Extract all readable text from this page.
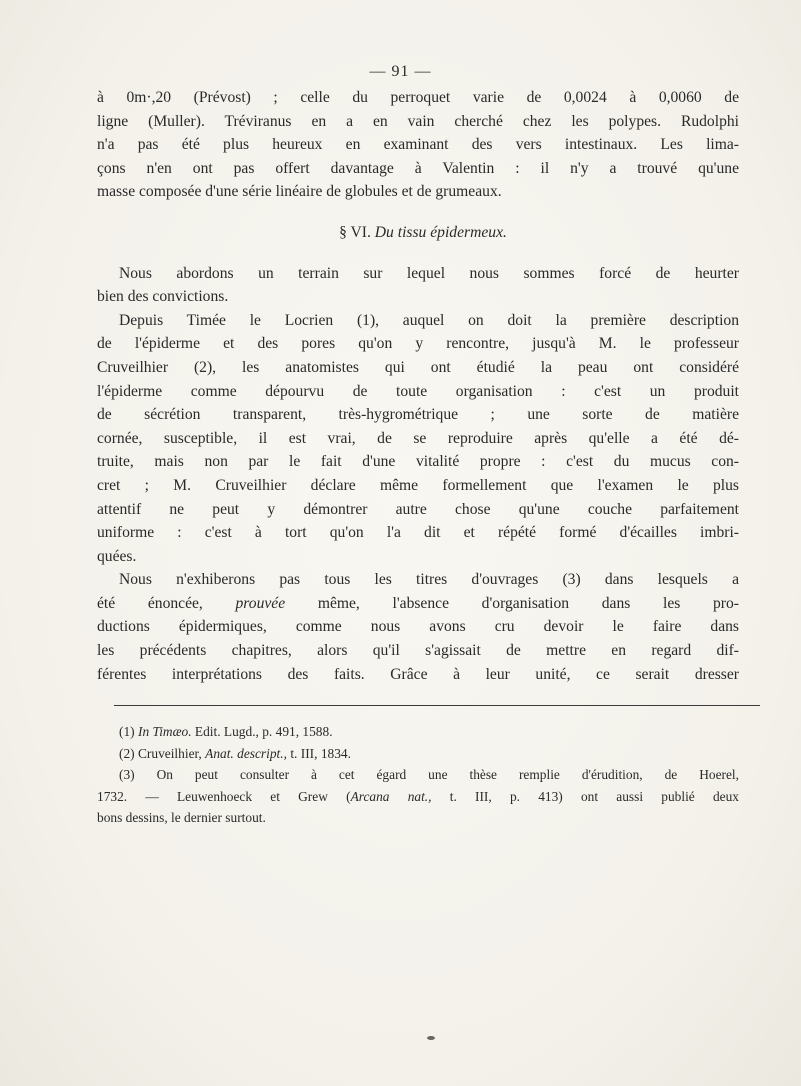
— 91 —
à 0m·,20 (Prévost) ; celle du perroquet varie de 0,0024 à 0,0060 de
ligne (Muller). Tréviranus en a en vain cherché chez les polypes. Rudolphi
n'a pas été plus heureux en examinant des vers intestinaux. Les lima-
çons n'en ont pas offert davantage à Valentin : il n'y a trouvé qu'une
masse composée d'une série linéaire de globules et de grumeaux.
§ VI. Du tissu épidermeux.
Nous abordons un terrain sur lequel nous sommes forcé de heurter
bien des convictions.
Depuis Timée le Locrien (1), auquel on doit la première description
de l'épiderme et des pores qu'on y rencontre, jusqu'à M. le professeur
Cruveilhier (2), les anatomistes qui ont étudié la peau ont considéré
l'épiderme comme dépourvu de toute organisation : c'est un produit
de sécrétion transparent, très-hygrométrique ; une sorte de matière
cornée, susceptible, il est vrai, de se reproduire après qu'elle a été dé-
truite, mais non par le fait d'une vitalité propre : c'est du mucus con-
cret ; M. Cruveilhier déclare même formellement que l'examen le plus
attentif ne peut y démontrer autre chose qu'une couche parfaitement
uniforme : c'est à tort qu'on l'a dit et répété formé d'écailles imbri-
quées.
Nous n'exhiberons pas tous les titres d'ouvrages (3) dans lesquels a
été énoncée, prouvée même, l'absence d'organisation dans les pro-
ductions épidermiques, comme nous avons cru devoir le faire dans
les précédents chapitres, alors qu'il s'agissait de mettre en regard dif-
férentes interprétations des faits. Grâce à leur unité, ce serait dresser
(1) In Timæo. Edit. Lugd., p. 491, 1588.
(2) Cruveilhier, Anat. descript., t. III, 1834.
(3) On peut consulter à cet égard une thèse remplie d'érudition, de Hoerel,
1732. — Leuwenhoeck et Grew (Arcana nat., t. III, p. 413) ont aussi publié deux
bons dessins, le dernier surtout.
